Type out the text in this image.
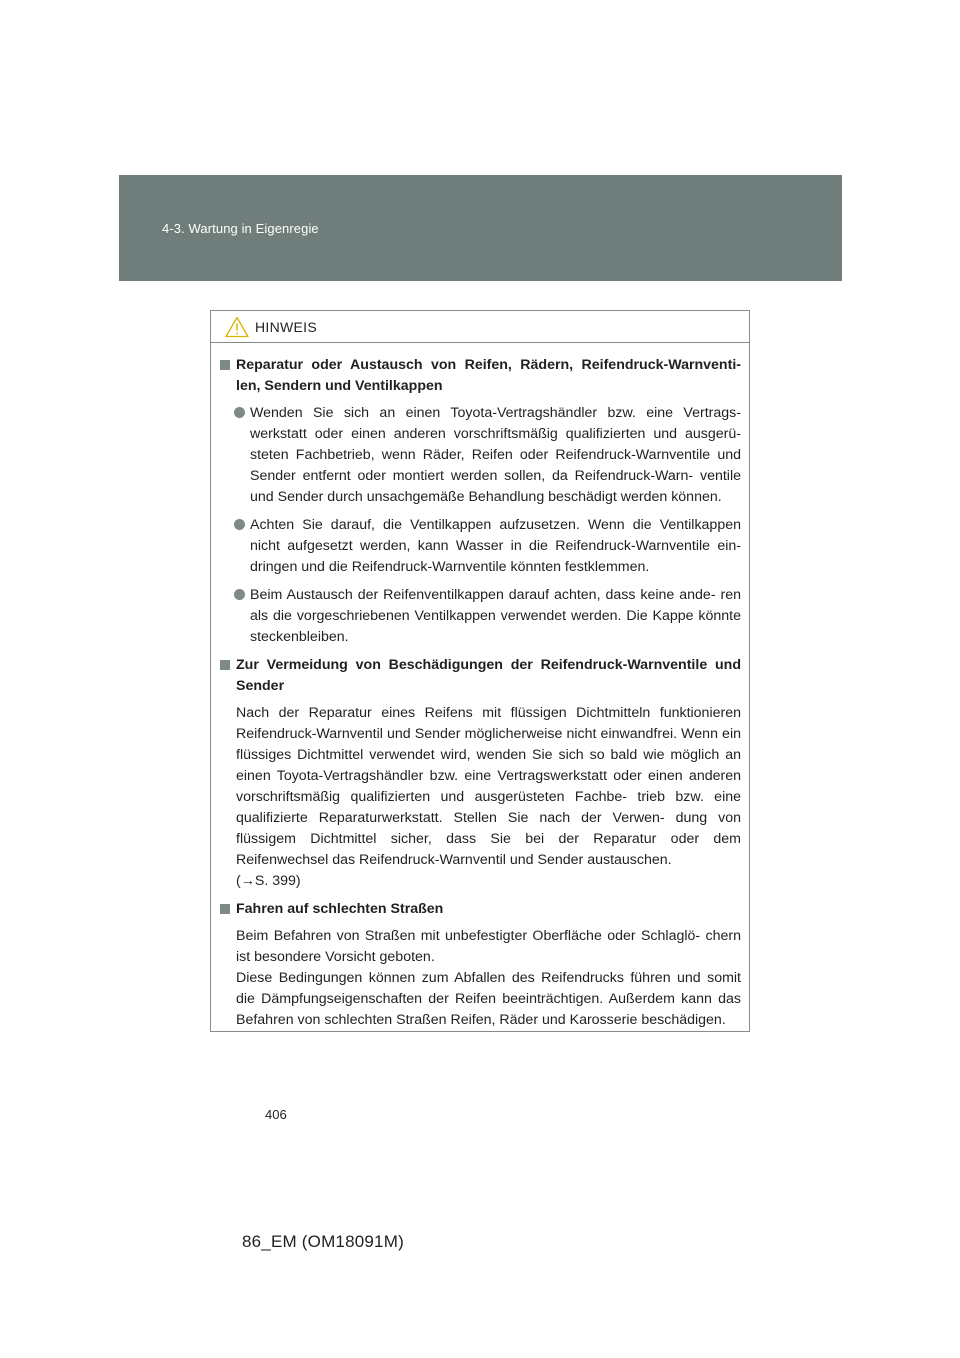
4-3. Wartung in Eigenregie
HINWEIS
Reparatur oder Austausch von Reifen, Rädern, Reifendruck-Warnventi- len, Sendern und Ventilkappen
Wenden Sie sich an einen Toyota-Vertragshändler bzw. eine Vertrags- werkstatt oder einen anderen vorschriftsmäßig qualifizierten und ausgerü- steten Fachbetrieb, wenn Räder, Reifen oder Reifendruck-Warnventile und Sender entfernt oder montiert werden sollen, da Reifendruck-Warn- ventile und Sender durch unsachgemäße Behandlung beschädigt werden können.
Achten Sie darauf, die Ventilkappen aufzusetzen. Wenn die Ventilkappen nicht aufgesetzt werden, kann Wasser in die Reifendruck-Warnventile ein- dringen und die Reifendruck-Warnventile könnten festklemmen.
Beim Austausch der Reifenventilkappen darauf achten, dass keine ande- ren als die vorgeschriebenen Ventilkappen verwendet werden. Die Kappe könnte steckenbleiben.
Zur Vermeidung von Beschädigungen der Reifendruck-Warnventile und Sender

Nach der Reparatur eines Reifens mit flüssigen Dichtmitteln funktionieren Reifendruck-Warnventil und Sender möglicherweise nicht einwandfrei. Wenn ein flüssiges Dichtmittel verwendet wird, wenden Sie sich so bald wie möglich an einen Toyota-Vertragshändler bzw. eine Vertragswerkstatt oder einen anderen vorschriftsmäßig qualifizierten und ausgerüsteten Fachbe- trieb bzw. eine qualifizierte Reparaturwerkstatt. Stellen Sie nach der Verwen- dung von flüssigem Dichtmittel sicher, dass Sie bei der Reparatur oder dem Reifenwechsel das Reifendruck-Warnventil und Sender austauschen.

(→S. 399)

Fahren auf schlechten Straßen

Beim Befahren von Straßen mit unbefestigter Oberfläche oder Schlaglö- chern ist besondere Vorsicht geboten.

Diese Bedingungen können zum Abfallen des Reifendrucks führen und somit die Dämpfungseigenschaften der Reifen beeinträchtigen. Außerdem kann das Befahren von schlechten Straßen Reifen, Räder und Karosserie beschädigen.

406
86_EM (OM18091M)
